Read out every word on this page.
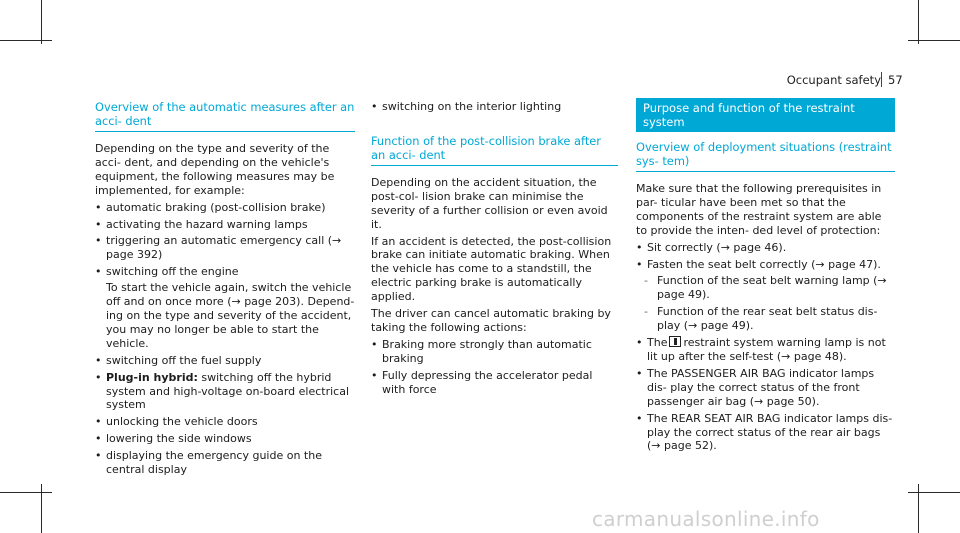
Occupant safety 57
Overview of the automatic measures after an acci- dent

Depending on the type and severity of the acci- dent, and depending on the vehicle's equipment, the following measures may be implemented, for example:

• automatic braking (post-collision brake)
• activating the hazard warning lamps
• triggering an automatic emergency call (→ page 392)
• switching off the engine
To start the vehicle again, switch the vehicle off and on once more (→ page 203). Depend- ing on the type and severity of the accident, you may no longer be able to start the vehicle.
• switching off the fuel supply
• Plug-in hybrid: switching off the hybrid system and high-voltage on-board electrical system
• unlocking the vehicle doors
• lowering the side windows
• displaying the emergency guide on the central display
• switching on the interior lighting
Function of the post-collision brake after an acci- dent

Depending on the accident situation, the post-col- lision brake can minimise the severity of a further collision or even avoid it.

If an accident is detected, the post-collision brake can initiate automatic braking. When the vehicle has come to a standstill, the electric parking brake is automatically applied.

The driver can cancel automatic braking by taking the following actions:

• Braking more strongly than automatic braking
• Fully depressing the accelerator pedal with force
Purpose and function of the restraint system
Overview of deployment situations (restraint sys- tem)

Make sure that the following prerequisites in par- ticular have been met so that the components of the restraint system are able to provide the inten- ded level of protection:

• Sit correctly (→ page 46).
• Fasten the seat belt correctly (→ page 47).
- Function of the seat belt warning lamp (→ page 49).
- Function of the rear seat belt status dis- play (→ page 49).
• The restraint system warning lamp is not lit up after the self-test (→ page 48).
• The PASSENGER AIR BAG indicator lamps dis- play the correct status of the front passenger air bag (→ page 50).
• The REAR SEAT AIR BAG indicator lamps dis- play the correct status of the rear air bags (→ page 52).
carmanualsonline.info
